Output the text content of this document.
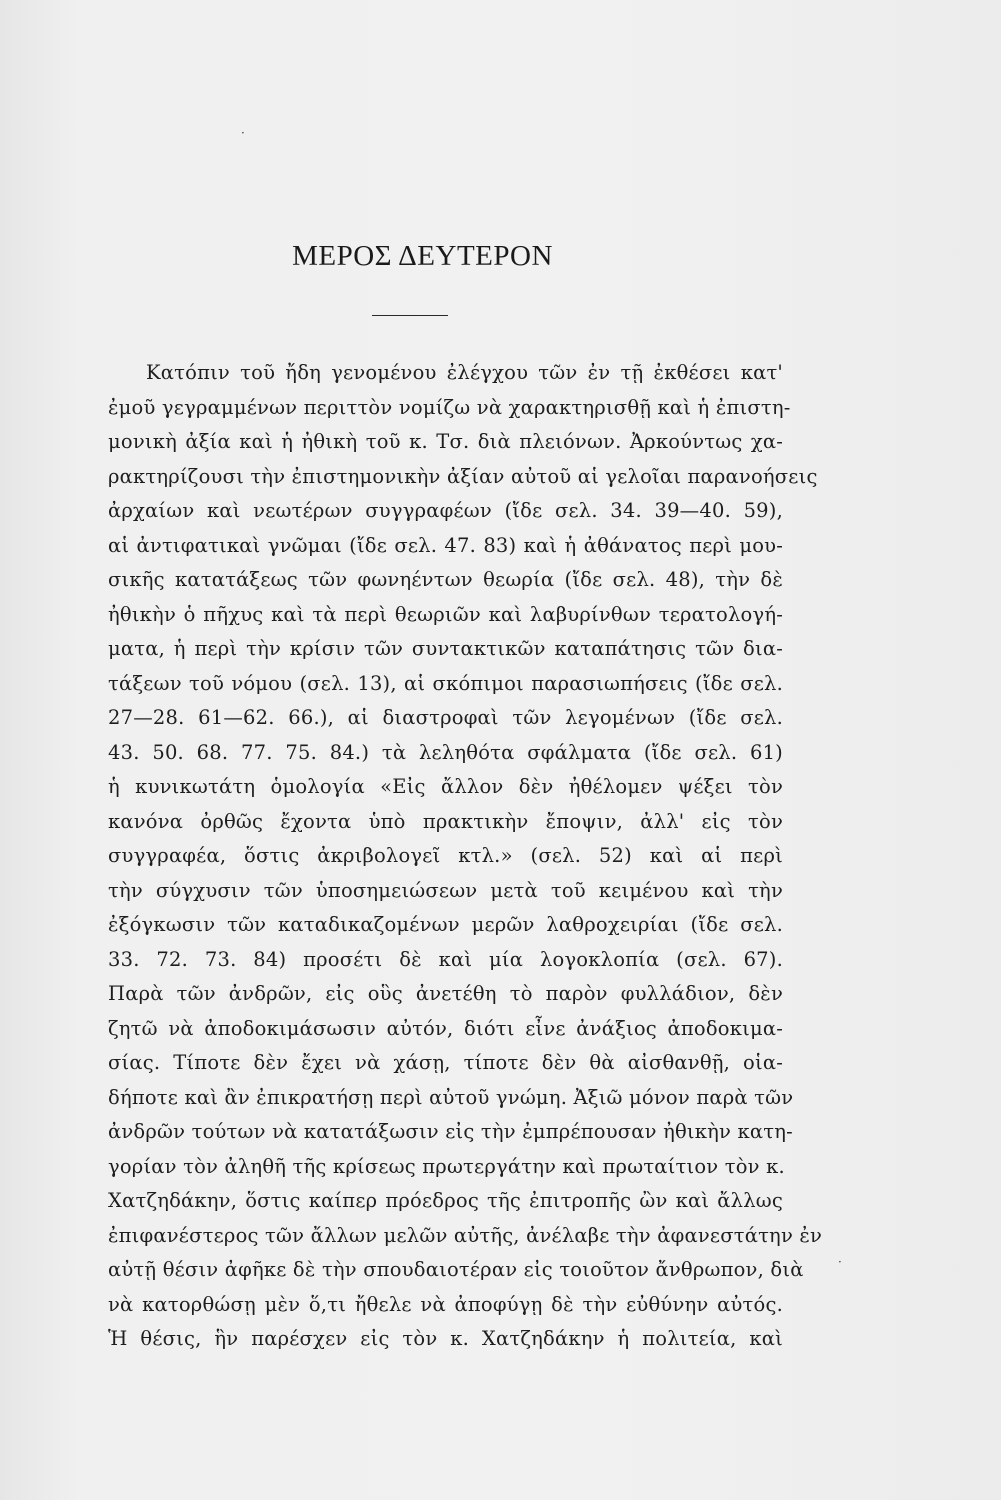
ΜΕΡΟΣ ΔΕΥΤΕΡΟΝ
·
·
Κατόπιν τοῦ ἤδη γενομένου ἐλέγχου τῶν ἐν τῇ ἐκθέσει κατ'
ἐμοῦ γεγραμμένων περιττὸν νομίζω νὰ χαρακτηρισθῇ καὶ ἡ ἐπιστη-
μονικὴ ἀξία καὶ ἡ ἠθικὴ τοῦ κ. Τσ. διὰ πλειόνων. Ἀρκούντως χα-
ρακτηρίζουσι τὴν ἐπιστημονικὴν ἀξίαν αὐτοῦ αἱ γελοῖαι παρανοήσεις
ἀρχαίων καὶ νεωτέρων συγγραφέων (ἴδε σελ. 34. 39—40. 59),
αἱ ἀντιφατικαὶ γνῶμαι (ἴδε σελ. 47. 83) καὶ ἡ ἀθάνατος περὶ μου-
σικῆς κατατάξεως τῶν φωνηέντων θεωρία (ἴδε σελ. 48), τὴν δὲ
ἠθικὴν ὁ πῆχυς καὶ τὰ περὶ θεωριῶν καὶ λαβυρίνθων τερατολογή-
ματα, ἡ περὶ τὴν κρίσιν τῶν συντακτικῶν καταπάτησις τῶν δια-
τάξεων τοῦ νόμου (σελ. 13), αἱ σκόπιμοι παρασιωπήσεις (ἴδε σελ.
27—28. 61—62. 66.), αἱ διαστροφαὶ τῶν λεγομένων (ἴδε σελ.
43. 50. 68. 77. 75. 84.) τὰ λεληθότα σφάλματα (ἴδε σελ. 61)
ἡ κυνικωτάτη ὁμολογία «Εἰς ἄλλον δὲν ἠθέλομεν ψέξει τὸν
κανόνα ὀρθῶς ἔχοντα ὑπὸ πρακτικὴν ἔποψιν, ἀλλ' εἰς τὸν
συγγραφέα, ὅστις ἀκριβολογεῖ κτλ.» (σελ. 52) καὶ αἱ περὶ
τὴν σύγχυσιν τῶν ὑποσημειώσεων μετὰ τοῦ κειμένου καὶ τὴν
ἐξόγκωσιν τῶν καταδικαζομένων μερῶν λαθροχειρίαι (ἴδε σελ.
33. 72. 73. 84) προσέτι δὲ καὶ μία λογοκλοπία (σελ. 67).
Παρὰ τῶν ἀνδρῶν, εἰς οὓς ἀνετέθη τὸ παρὸν φυλλάδιον, δὲν
ζητῶ νὰ ἀποδοκιμάσωσιν αὐτόν, διότι εἶνε ἀνάξιος ἀποδοκιμα-
σίας. Τίποτε δὲν ἔχει νὰ χάσῃ, τίποτε δὲν θὰ αἰσθανθῇ, οἱα-
δήποτε καὶ ἂν ἐπικρατήσῃ περὶ αὐτοῦ γνώμη. Ἀξιῶ μόνον παρὰ τῶν
ἀνδρῶν τούτων νὰ κατατάξωσιν εἰς τὴν ἐμπρέπουσαν ἠθικὴν κατη-
γορίαν τὸν ἀληθῆ τῆς κρίσεως πρωτεργάτην καὶ πρωταίτιον τὸν κ.
Χατζηδάκην, ὅστις καίπερ πρόεδρος τῆς ἐπιτροπῆς ὢν καὶ ἄλλως
ἐπιφανέστερος τῶν ἄλλων μελῶν αὐτῆς, ἀνέλαβε τὴν ἀφανεστάτην ἐν
αὐτῇ θέσιν ἀφῆκε δὲ τὴν σπουδαιοτέραν εἰς τοιοῦτον ἄνθρωπον, διὰ
νὰ κατορθώσῃ μὲν ὅ,τι ἤθελε νὰ ἀποφύγῃ δὲ τὴν εὐθύνην αὐτός.
Ἡ θέσις, ἣν παρέσχεν εἰς τὸν κ. Χατζηδάκην ἡ πολιτεία, καὶ
